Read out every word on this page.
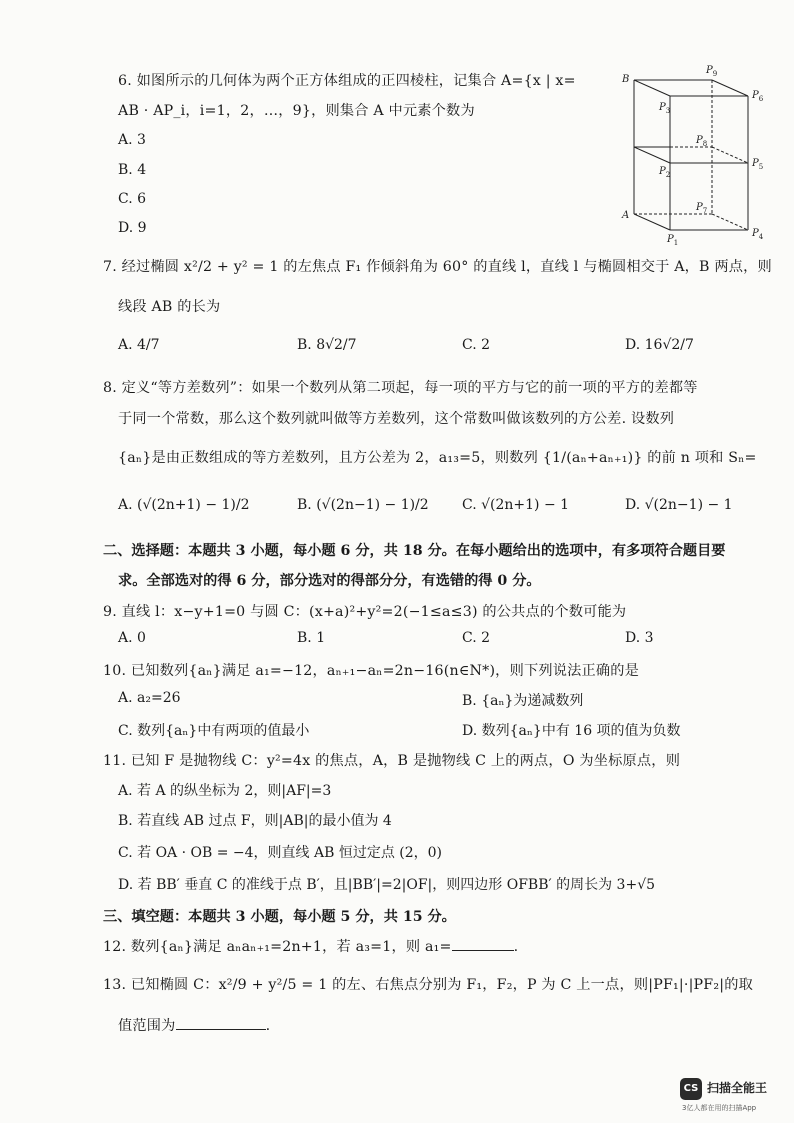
6. 如图所示的几何体为两个正方体组成的正四棱柱，记集合 A={x | x=
AB · AP_i，i=1，2，…，9}，则集合 A 中元素个数为
A. 3
B. 4
C. 6
D. 9
B
A
$P_9$
$P_6$
$P_3$
$P_8$
$P_5$
$P_2$
$P_7$
$P_4$
$P_1$
7. 经过椭圆 x²/2 + y² = 1 的左焦点 F₁ 作倾斜角为 60° 的直线 l，直线 l 与椭圆相交于 A，B 两点，则
线段 AB 的长为
A. 4/7	B. 8√2/7	C. 2	D. 16√2/7
8. 定义“等方差数列”：如果一个数列从第二项起，每一项的平方与它的前一项的平方的差都等
于同一个常数，那么这个数列就叫做等方差数列，这个常数叫做该数列的方公差. 设数列
{aₙ}是由正数组成的等方差数列，且方公差为 2，a₁₃=5，则数列 {1/(aₙ+aₙ₊₁)} 的前 n 项和 Sₙ=
A. (√(2n+1) − 1)/2	B. (√(2n−1) − 1)/2 C. √(2n+1) − 1	D. √(2n−1) − 1
二、选择题：本题共 3 小题，每小题 6 分，共 18 分。在每小题给出的选项中，有多项符合题目要
求。全部选对的得 6 分，部分选对的得部分分，有选错的得 0 分。
9. 直线 l：x−y+1=0 与圆 C：(x+a)²+y²=2(−1≤a≤3) 的公共点的个数可能为
A. 0	B. 1	C. 2	D. 3
10. 已知数列{aₙ}满足 a₁=−12，aₙ₊₁−aₙ=2n−16(n∈N*)，则下列说法正确的是
A. a₂=26	B. {aₙ}为递减数列
C. 数列{aₙ}中有两项的值最小	D. 数列{aₙ}中有 16 项的值为负数
11. 已知 F 是抛物线 C：y²=4x 的焦点，A，B 是抛物线 C 上的两点，O 为坐标原点，则
A. 若 A 的纵坐标为 2，则|AF|=3
B. 若直线 AB 过点 F，则|AB|的最小值为 4
C. 若 OA · OB = −4，则直线 AB 恒过定点 (2，0)
D. 若 BB′ 垂直 C 的准线于点 B′，且|BB′|=2|OF|，则四边形 OFBB′ 的周长为 3+√5
三、填空题：本题共 3 小题，每小题 5 分，共 15 分。
12. 数列{aₙ}满足 aₙaₙ₊₁=2n+1，若 a₃=1，则 a₁=	.
13. 已知椭圆 C：x²/9 + y²/5 = 1 的左、右焦点分别为 F₁，F₂，P 为 C 上一点，则|PF₁|·|PF₂|的取
值范围为	.
CS 扫描全能王
3亿人都在用的扫描App
